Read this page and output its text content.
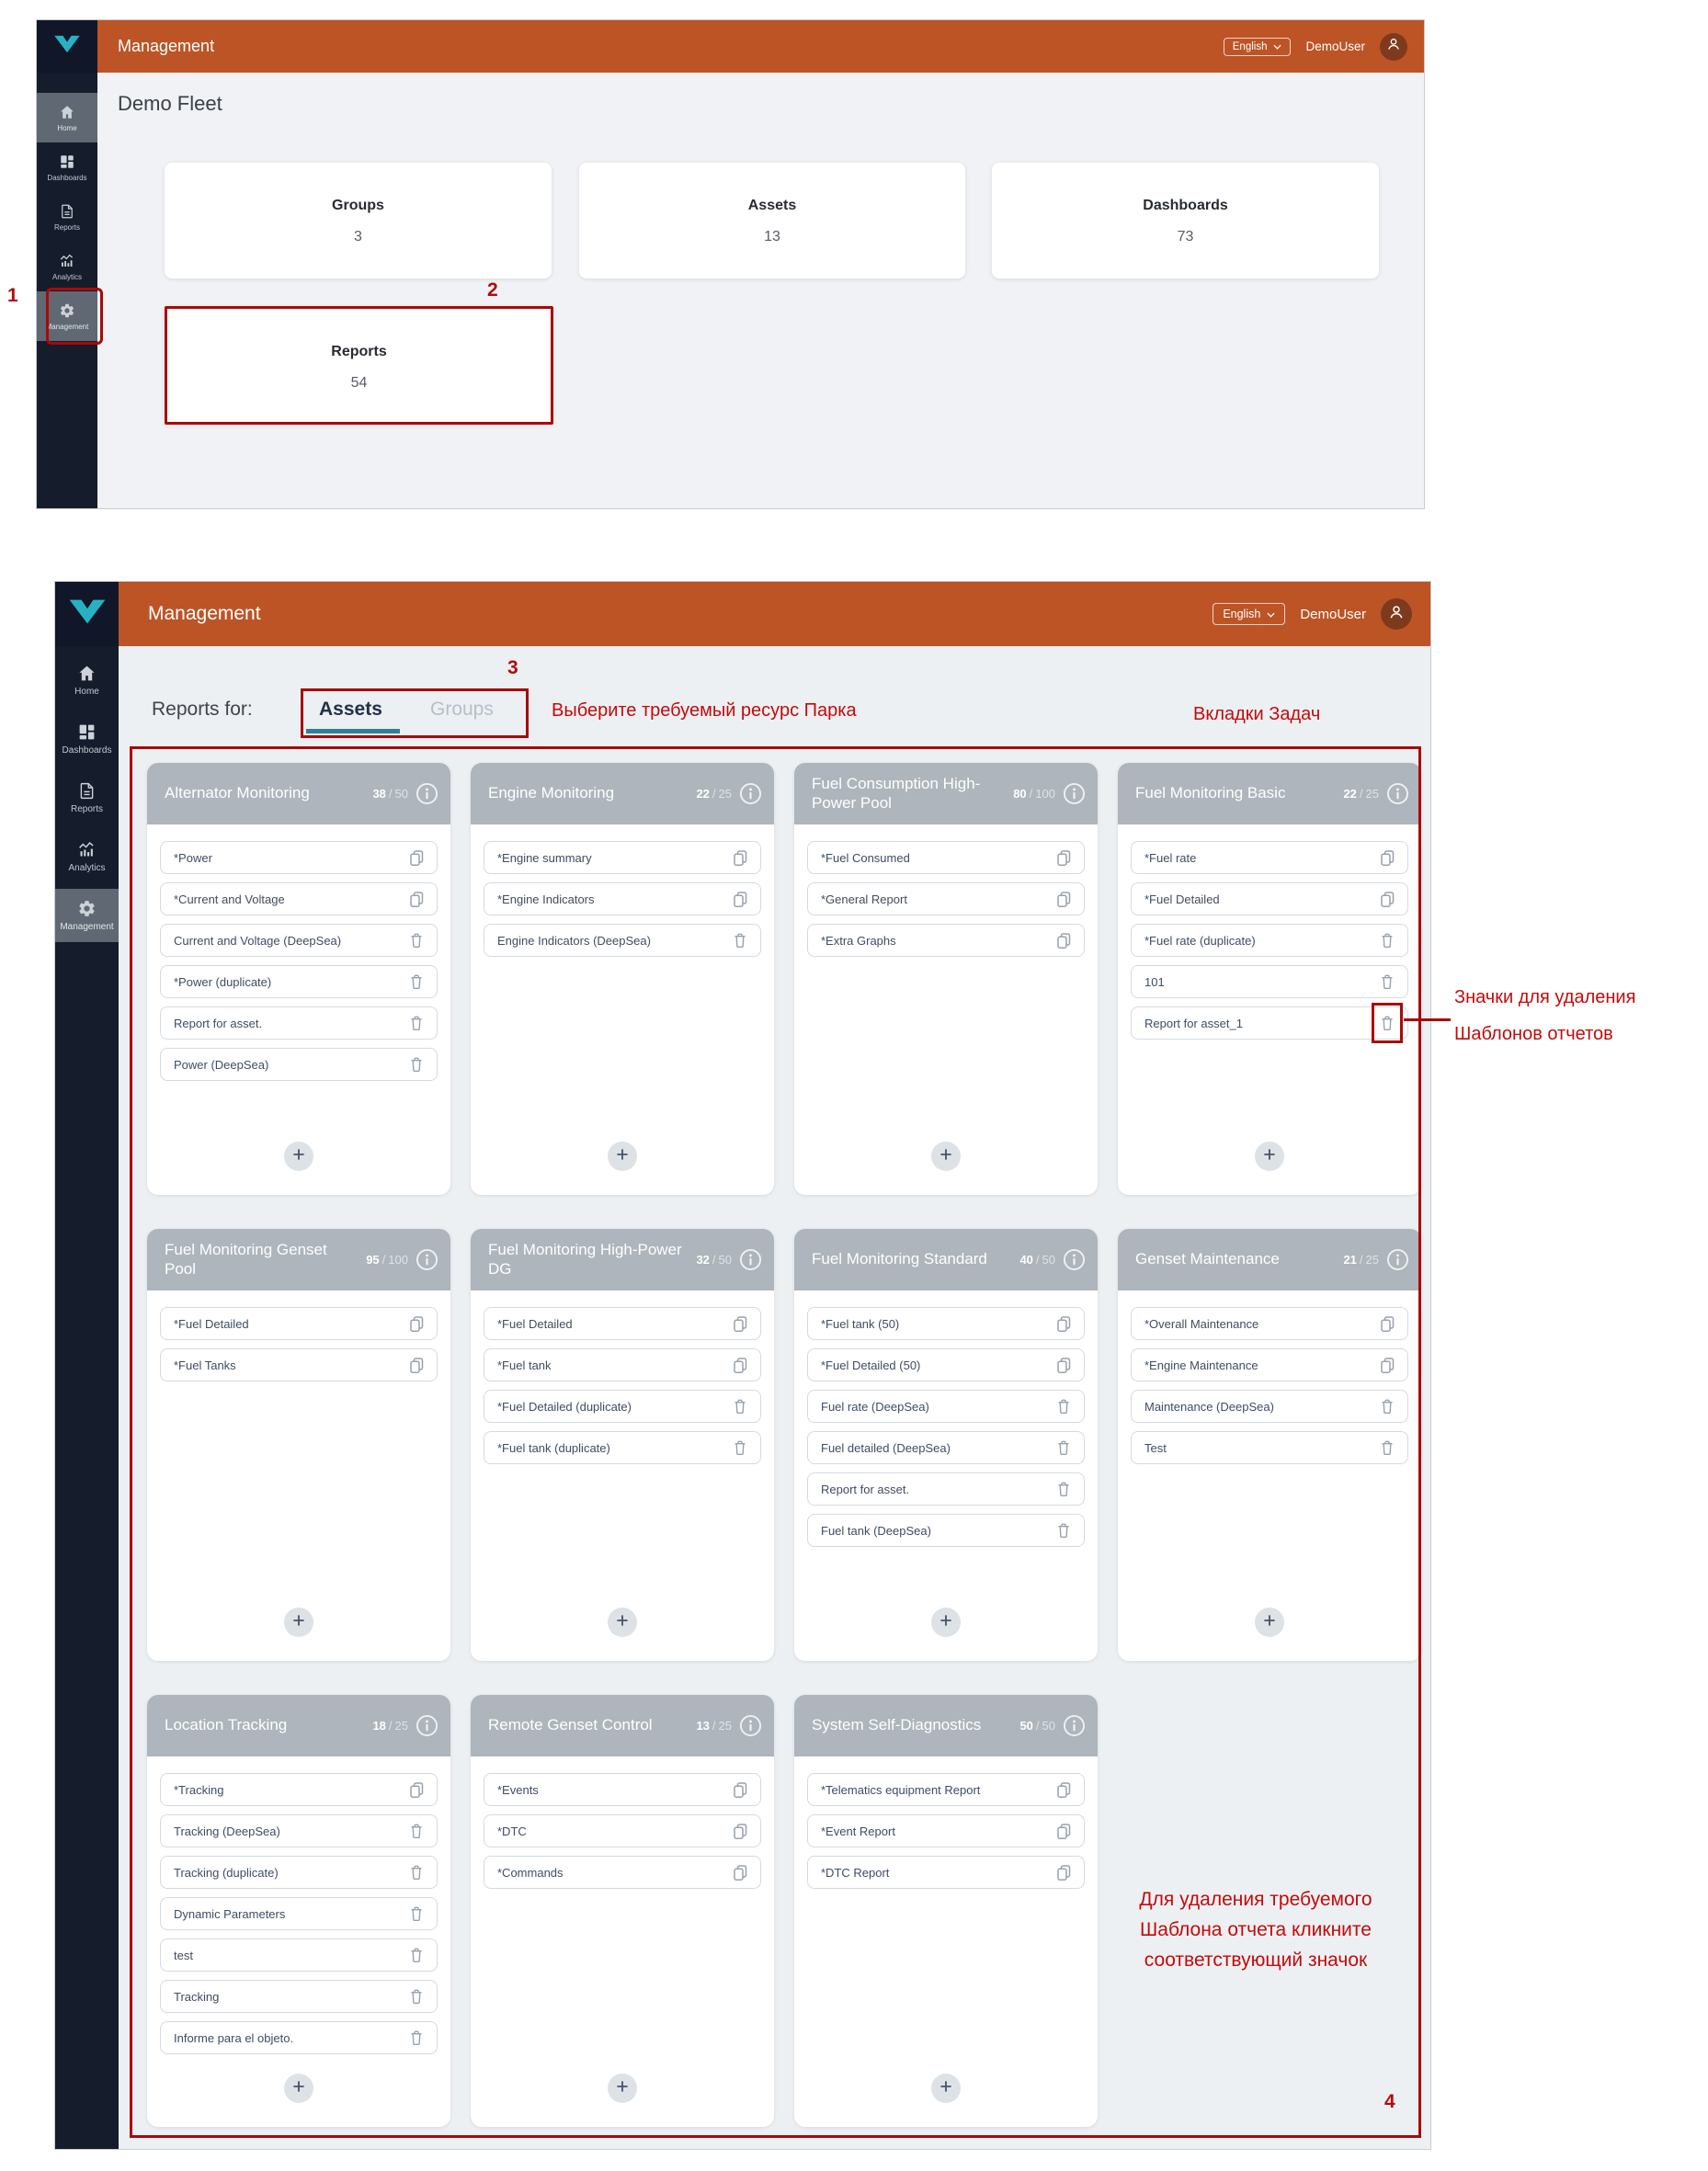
Home
Dashboards
Reports
Analytics
Management
Management	English	DemoUser
Demo Fleet
Groups
3
Assets
13
Dashboards
73
Reports
54
2
Home
Dashboards
Reports
Analytics
Management
Management	English	DemoUser
Reports for:	Assets Groups
3
Выберите требуемый ресурс Парка	Вкладки Задач
Alternator Monitoring	38 / 50
*Power
*Current and Voltage
Current and Voltage (DeepSea)
*Power (duplicate)
Report for asset.
Power (DeepSea)
Engine Monitoring	22 / 25
*Engine summary
*Engine Indicators
Engine Indicators (DeepSea)
Fuel Consumption High-Power Pool	80 / 100
*Fuel Consumed
*General Report
*Extra Graphs
Fuel Monitoring Basic	22 / 25
*Fuel rate
*Fuel Detailed
*Fuel rate (duplicate)
101
Report for asset_1
Fuel Monitoring Genset Pool	95 / 100
*Fuel Detailed
*Fuel Tanks
Fuel Monitoring High-Power DG	32 / 50
*Fuel Detailed
*Fuel tank
*Fuel Detailed (duplicate)
*Fuel tank (duplicate)
Fuel Monitoring Standard	40 / 50
*Fuel tank (50)
*Fuel Detailed (50)
Fuel rate (DeepSea)
Fuel detailed (DeepSea)
Report for asset.
Fuel tank (DeepSea)
Genset Maintenance	21 / 25
*Overall Maintenance
*Engine Maintenance
Maintenance (DeepSea)
Test
Location Tracking	18 / 25
*Tracking
Tracking (DeepSea)
Tracking (duplicate)
Dynamic Parameters
test
Tracking
Informe para el objeto.
Remote Genset Control	13 / 25
*Events
*DTC
*Commands
System Self-Diagnostics	50 / 50
*Telematics equipment Report
*Event Report
*DTC Report
Для удаления требуемого
Шаблона отчета кликните
соответствующий значок
4
1
Значки для удаления
Шаблонов отчетов
